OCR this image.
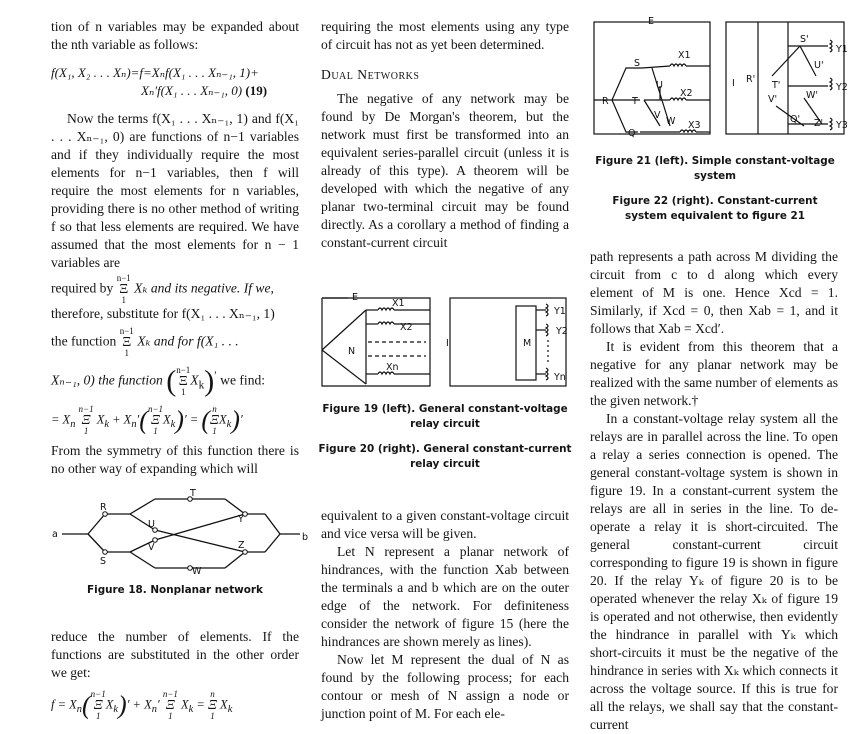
tion of n variables may be expanded about the nth variable as follows:

f(X₁, X₂ . . . Xₙ)=f=Xₙf(X₁ . . . Xₙ₋₁, 1)+
Xₙ′f(X₁ . . . Xₙ₋₁, 0) (19)

Now the terms f(X₁ . . . Xₙ₋₁, 1) and f(X₁ . . . Xₙ₋₁, 0) are functions of n−1 variables and if they individually require the most elements for n−1 variables, then f will require the most elements for n variables, providing there is no other method of writing f so that less elements are required. We have assumed that the most elements for n − 1 variables are

required by n−1
Ξ
1 Xₖ and its negative. If we,

therefore, substitute for f(X₁ . . . Xₙ₋₁, 1)

the function n−1
Ξ
1 Xₖ and for f(X₁ . . .
Xₙ₋₁, 0) the function (n−1
Ξ
$1X_k)'$ we find:
= $X_n$ n−1
Ξ
1 $X_k + X_n'(n-1$
Ξ
$1X_k)'$ = ( n
Ξ
$1X_k)'$

From the symmetry of this function there is no other way of expanding which will

a	b
R
S
T
U
V
W
Y
Z
Figure 18. Nonplanar network

reduce the number of elements. If the functions are substituted in the other order we get:

$f = X_n(n-1$
Ξ
$1X_k)' + X_n'$ n−1
Ξ
1 $X_k = n$
Ξ
1 $X_k$

requiring the most elements using any type of circuit has not as yet been determined.

Dual Networks

The negative of any network may be found by De Morgan's theorem, but the network must first be transformed into an equivalent series-parallel circuit (unless it is already of this type). A theorem will be developed with which the negative of any planar two-terminal circuit may be found directly. As a corollary a method of finding a constant-current circuit

E
X1
X2
Xn
N
I	M
Y1
Y2
Yn
Figure 19 (left). General constant-voltage relay circuit
Figure 20 (right). General constant-current relay circuit

equivalent to a given constant-voltage circuit and vice versa will be given.

Let N represent a planar network of hindrances, with the function Xab between the terminals a and b which are on the outer edge of the network. For definiteness consider the network of figure 15 (here the hindrances are shown merely as lines).

Now let M represent the dual of N as found by the following process; for each contour or mesh of N assign a node or junction point of M. For each ele-

E
R
S
T
U
V
Q
W
X1
X2
X3
I R'
S'
T'
U'
V'	W'
Q' Z'
Y1
Y2
Y3
Figure 21 (left). Simple constant-voltage system
Figure 22 (right). Constant-current system equivalent to figure 21

path represents a path across M dividing the circuit from c to d along which every element of M is one. Hence Xcd = 1. Similarly, if Xcd = 0, then Xab = 1, and it follows that Xab = Xcd′.

It is evident from this theorem that a negative for any planar network may be realized with the same number of elements as the given network.†

In a constant-voltage relay system all the relays are in parallel across the line. To open a relay a series connection is opened. The general constant-voltage system is shown in figure 19. In a constant-current system the relays are all in series in the line. To de-operate a relay it is short-circuited. The general constant-current circuit corresponding to figure 19 is shown in figure 20. If the relay Yₖ of figure 20 is to be operated whenever the relay Xₖ of figure 19 is operated and not otherwise, then evidently the hindrance in parallel with Yₖ which short-circuits it must be the negative of the hindrance in series with Xₖ which connects it across the voltage source. If this is true for all the relays, we shall say that the constant-current
